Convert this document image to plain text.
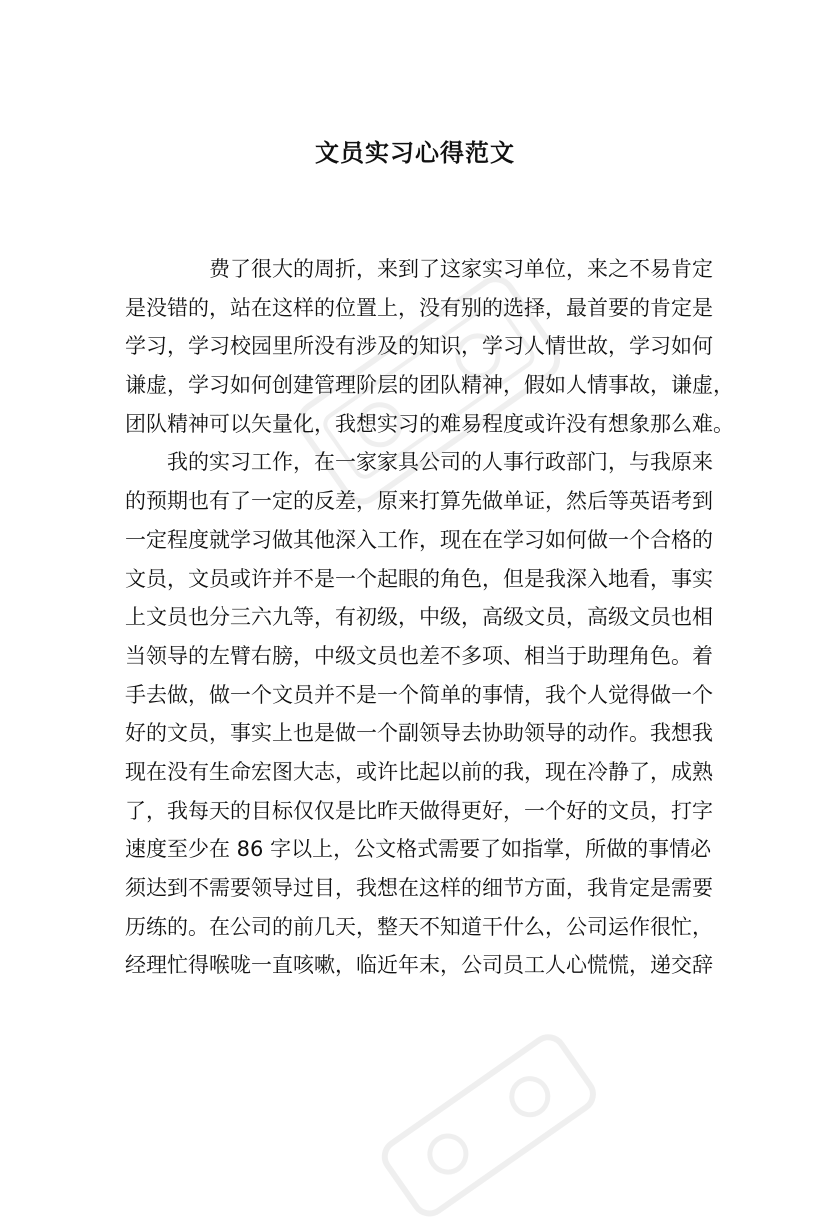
文员实习心得范文

费了很大的周折，来到了这家实习单位，来之不易肯定
是没错的，站在这样的位置上，没有别的选择，最首要的肯定是
学习，学习校园里所没有涉及的知识，学习人情世故，学习如何
谦虚，学习如何创建管理阶层的团队精神，假如人情事故，谦虚，
团队精神可以矢量化，我想实习的难易程度或许没有想象那么难。

我的实习工作，在一家家具公司的人事行政部门，与我原来
的预期也有了一定的反差，原来打算先做单证，然后等英语考到
一定程度就学习做其他深入工作，现在在学习如何做一个合格的
文员，文员或许并不是一个起眼的角色，但是我深入地看，事实
上文员也分三六九等，有初级，中级，高级文员，高级文员也相
当领导的左臂右膀，中级文员也差不多项、相当于助理角色。着
手去做，做一个文员并不是一个简单的事情，我个人觉得做一个
好的文员，事实上也是做一个副领导去协助领导的动作。我想我
现在没有生命宏图大志，或许比起以前的我，现在冷静了，成熟
了，我每天的目标仅仅是比昨天做得更好，一个好的文员，打字
速度至少在 86 字以上，公文格式需要了如指掌，所做的事情必
须达到不需要领导过目，我想在这样的细节方面，我肯定是需要
历练的。在公司的前几天，整天不知道干什么，公司运作很忙，
经理忙得喉咙一直咳嗽，临近年末，公司员工人心慌慌，递交辞
